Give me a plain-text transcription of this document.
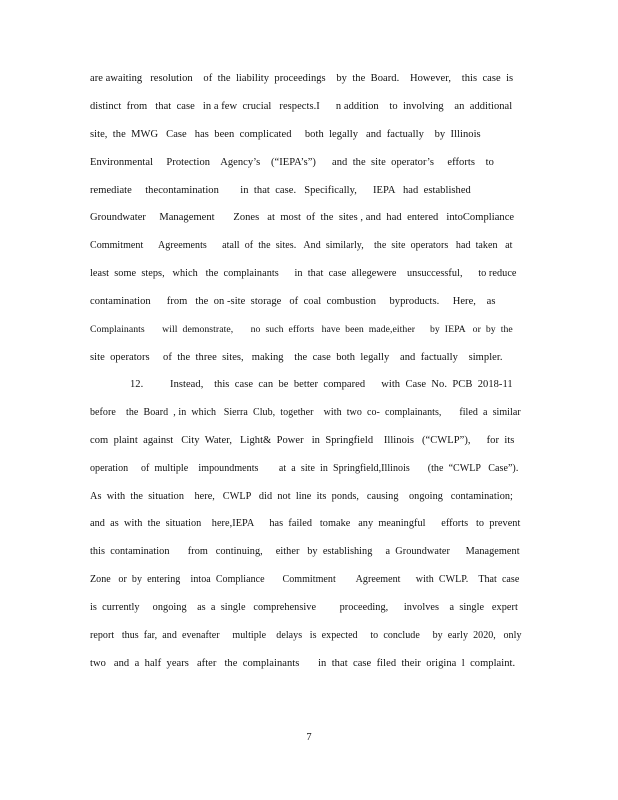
are awaiting   resolution    of  the  liability  proceedings    by  the  Board.    However,    this  case  is
distinct  from   that  case   in a few  crucial   respects.I      n addition    to  involving    an  additional
site,  the  MWG   Case   has  been  complicated     both  legally   and  factually    by  Illinois
Environmental     Protection    Agency’s    (“IEPA’s”)      and  the  site  operator’s     efforts    to
remediate     thecontamination        in  that  case.   Specifically,      IEPA   had  established
Groundwater     Management       Zones   at  most  of  the  sites , and  had  entered   intoCompliance
Commitment      Agreements      atall  of  the  sites.   And  similarly,    the  site  operators   had  taken   at
least  some  steps,   which   the  complainants      in  that  case  allegewere    unsuccessful,      to reduce
contamination      from   the  on -site  storage   of  coal  combustion     byproducts.     Here,    as
Complainants       will  demonstrate,       no  such  efforts   have  been  made,either      by  IEPA   or  by  the
site  operators     of  the  three  sites,   making    the  case  both  legally    and  factually    simpler.
12.          Instead,    this  case  can  be  better  compared      with  Case  No.  PCB  2018-11
before    the  Board  , in  which   Sierra  Club,  together    with  two  co-  complainants,       filed  a  similar
com  plaint  against   City  Water,   Light&  Power   in  Springfield    Illinois   (“CWLP”),      for  its
operation     of  multiple    impoundments        at  a  site  in  Springfield,Illinois       (the  “CWLP   Case”).
As  with  the  situation    here,   CWLP   did  not  line  its  ponds,   causing    ongoing   contamination;
and  as  with  the  situation    here,IEPA      has  failed   tomake   any  meaningful      efforts   to  prevent
this  contamination       from   continuing,     either   by  establishing     a  Groundwater      Management
Zone   or  by  entering    intoa  Compliance       Commitment        Agreement      with  CWLP.    That  case
is  currently     ongoing    as  a  single   comprehensive         proceeding,      involves    a  single   expert
report   thus  far,  and  evenafter     multiple    delays   is  expected     to  conclude     by  early  2020,   only
two   and  a  half  years   after   the  complainants       in  that  case  filed  their  origina  l  complaint.
7
